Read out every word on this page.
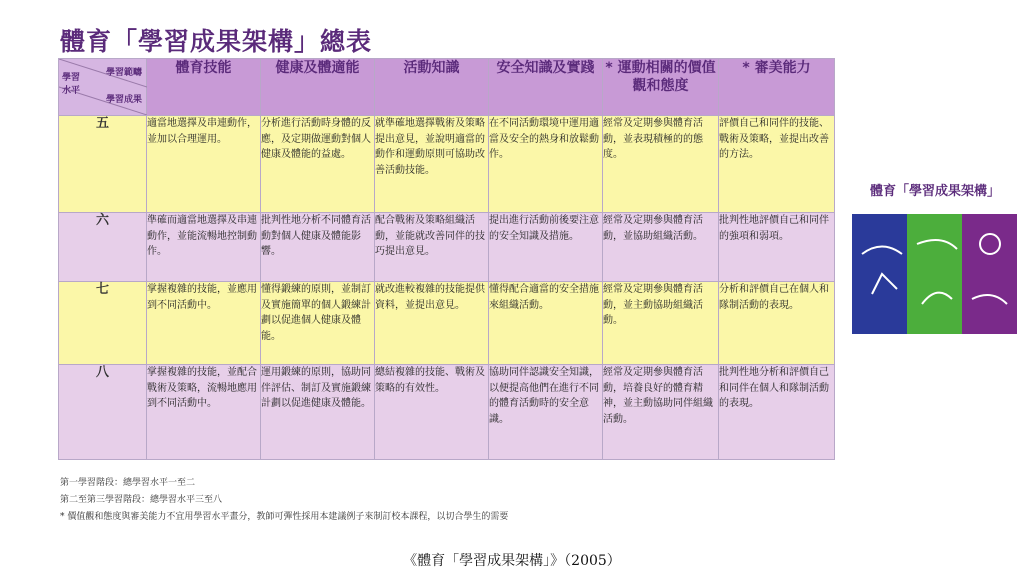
體育「學習成果架構」總表
學習範疇
學習
水平
學習成果	體育技能	健康及體適能	活動知識	安全知識及實踐	* 運動相關的價值觀和態度	* 審美能力
五	適當地選擇及串連動作，並加以合理運用。	分析進行活動時身體的反應，及定期做運動對個人健康及體能的益處。	就準確地選擇戰術及策略提出意見，並說明適當的動作和運動原則可協助改善活動技能。	在不同活動環境中運用適當及安全的熱身和放鬆動作。	經常及定期參與體育活動，並表現積極的的態度。	評價自己和同伴的技能、戰術及策略，並提出改善的方法。
六	準確而適當地選擇及串連動作，並能流暢地控制動作。	批判性地分析不同體育活動對個人健康及體能影響。	配合戰術及策略組織活動，並能就改善同伴的技巧提出意見。	提出進行活動前後要注意的安全知識及措施。	經常及定期參與體育活動，並協助組織活動。	批判性地評價自己和同伴的強項和弱項。
七	掌握複雜的技能，並應用到不同活動中。	懂得鍛練的原則，並制訂及實施簡單的個人鍛練計劃以促進個人健康及體能。	就改進較複雜的技能提供資料，並提出意見。	懂得配合適當的安全措施來組織活動。	經常及定期參與體育活動，並主動協助組織活動。	分析和評價自己在個人和隊制活動的表現。
八	掌握複雜的技能，並配合戰術及策略，流暢地應用到不同活動中。	運用鍛練的原則，協助同伴評估、制訂及實施鍛練計劃以促進健康及體能。	總結複雜的技能、戰術及策略的有效性。	協助同伴認識安全知識，以便提高他們在進行不同的體育活動時的安全意識。	經常及定期參與體育活動，培養良好的體育精神，並主動協助同伴組織活動。	批判性地分析和評價自己和同伴在個人和隊制活動的表現。
第一學習階段：總學習水平一至二
第二至第三學習階段：總學習水平三至八
* 價值觀和態度與審美能力不宜用學習水平畫分，教師可彈性採用本建議例子來制訂校本課程，以切合學生的需要
體育「學習成果架構」
《體育「學習成果架構」》（2005）
